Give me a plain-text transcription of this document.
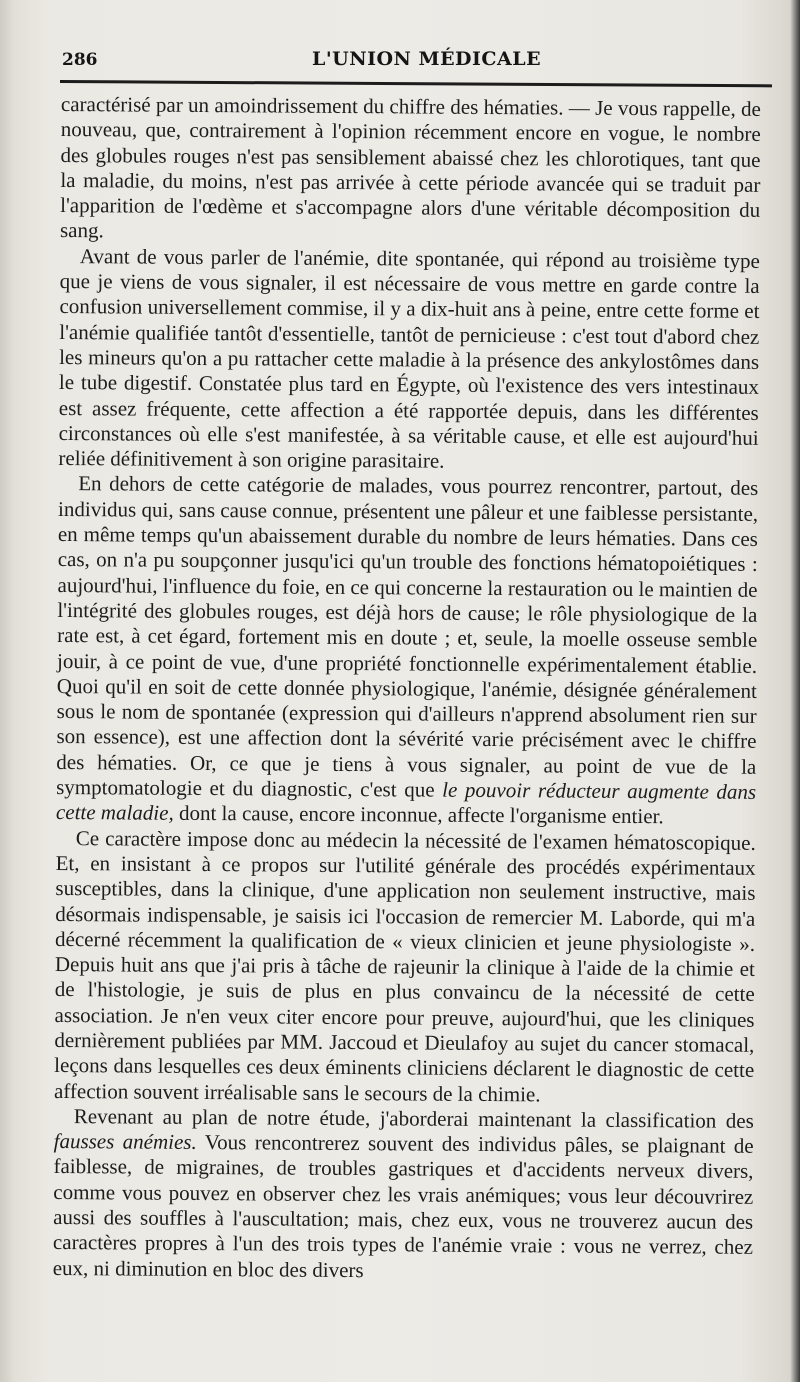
286	L'UNION MÉDICALE

caractérisé par un amoindrissement du chiffre des hématies. — Je vous rappelle, de nouveau, que, contrairement à l'opinion récemment encore en vogue, le nombre des globules rouges n'est pas sensiblement abaissé chez les chlorotiques, tant que la maladie, du moins, n'est pas arrivée à cette période avancée qui se traduit par l'apparition de l'œdème et s'accompagne alors d'une véritable décomposition du sang.

Avant de vous parler de l'anémie, dite spontanée, qui répond au troisième type que je viens de vous signaler, il est nécessaire de vous mettre en garde contre la confusion universellement commise, il y a dix-huit ans à peine, entre cette forme et l'anémie qualifiée tantôt d'essentielle, tantôt de pernicieuse : c'est tout d'abord chez les mineurs qu'on a pu rattacher cette maladie à la présence des ankylostômes dans le tube digestif. Constatée plus tard en Égypte, où l'existence des vers intestinaux est assez fréquente, cette affection a été rapportée depuis, dans les différentes circonstances où elle s'est manifestée, à sa véritable cause, et elle est aujourd'hui reliée définitivement à son origine parasitaire.

En dehors de cette catégorie de malades, vous pourrez rencontrer, partout, des individus qui, sans cause connue, présentent une pâleur et une faiblesse persistante, en même temps qu'un abaissement durable du nombre de leurs hématies. Dans ces cas, on n'a pu soupçonner jusqu'ici qu'un trouble des fonctions hématopoiétiques : aujourd'hui, l'influence du foie, en ce qui concerne la restauration ou le maintien de l'intégrité des globules rouges, est déjà hors de cause; le rôle physiologique de la rate est, à cet égard, fortement mis en doute ; et, seule, la moelle osseuse semble jouir, à ce point de vue, d'une propriété fonctionnelle expérimentalement établie. Quoi qu'il en soit de cette donnée physiologique, l'anémie, désignée généralement sous le nom de spontanée (expression qui d'ailleurs n'apprend absolument rien sur son essence), est une affection dont la sévérité varie précisément avec le chiffre des hématies. Or, ce que je tiens à vous signaler, au point de vue de la symptomatologie et du diagnostic, c'est que le pouvoir réducteur augmente dans cette maladie, dont la cause, encore inconnue, affecte l'organisme entier.

Ce caractère impose donc au médecin la nécessité de l'examen hématoscopique. Et, en insistant à ce propos sur l'utilité générale des procédés expérimentaux susceptibles, dans la clinique, d'une application non seulement instructive, mais désormais indispensable, je saisis ici l'occasion de remercier M. Laborde, qui m'a décerné récemment la qualification de « vieux clinicien et jeune physiologiste ». Depuis huit ans que j'ai pris à tâche de rajeunir la clinique à l'aide de la chimie et de l'histologie, je suis de plus en plus convaincu de la nécessité de cette association. Je n'en veux citer encore pour preuve, aujourd'hui, que les cliniques dernièrement publiées par MM. Jaccoud et Dieulafoy au sujet du cancer stomacal, leçons dans lesquelles ces deux éminents cliniciens déclarent le diagnostic de cette affection souvent irréalisable sans le secours de la chimie.

Revenant au plan de notre étude, j'aborderai maintenant la classification des fausses anémies. Vous rencontrerez souvent des individus pâles, se plaignant de faiblesse, de migraines, de troubles gastriques et d'accidents nerveux divers, comme vous pouvez en observer chez les vrais anémiques; vous leur découvrirez aussi des souffles à l'auscultation; mais, chez eux, vous ne trouverez aucun des caractères propres à l'un des trois types de l'anémie vraie : vous ne verrez, chez eux, ni diminution en bloc des divers
